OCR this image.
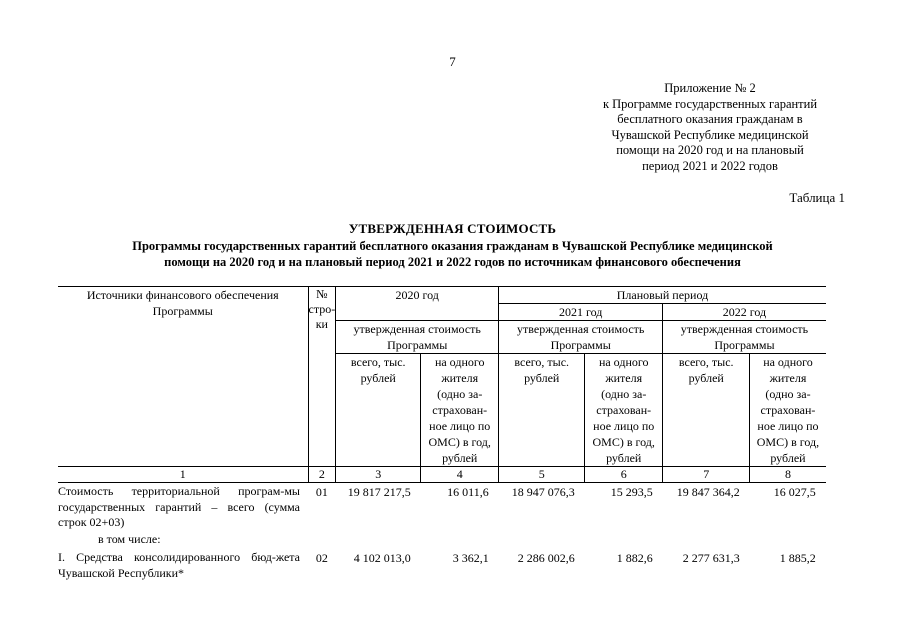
7
Приложение № 2
к Программе государственных гарантий
бесплатного оказания гражданам в
Чувашской Республике медицинской
помощи на 2020 год и на плановый
период 2021 и 2022 годов
Таблица 1
УТВЕРЖДЕННАЯ СТОИМОСТЬ
Программы государственных гарантий бесплатного оказания гражданам в Чувашской Республике медицинской
помощи на 2020 год и на плановый период 2021 и 2022 годов по источникам финансового обеспечения
Источники финансового обеспечения Программы	№ стро-ки	2020 год		Плановый период			
				2021 год		2022 год	
		утвержденная стоимость Программы		утвержденная стоимость Программы		утвержденная стоимость Программы	
		всего, тыс. рублей	на одного жителя (одно за-страхован-ное лицо по ОМС) в год, рублей	всего, тыс. рублей	на одного жителя (одно за-страхован-ное лицо по ОМС) в год, рублей	всего, тыс. рублей	на одного жителя (одно за-страхован-ное лицо по ОМС) в год, рублей
1	2	3	4	5	6	7	8
Стоимость территориальной програм-мы государственных гарантий – всего (сумма строк 02+03)	01	19 817 217,5	16 011,6	18 947 076,3	15 293,5	19 847 364,2	16 027,5
в том числе:							
I. Средства консолидированного бюд-жета Чувашской Республики*	02	4 102 013,0	3 362,1	2 286 002,6	1 882,6	2 277 631,3	1 885,2
